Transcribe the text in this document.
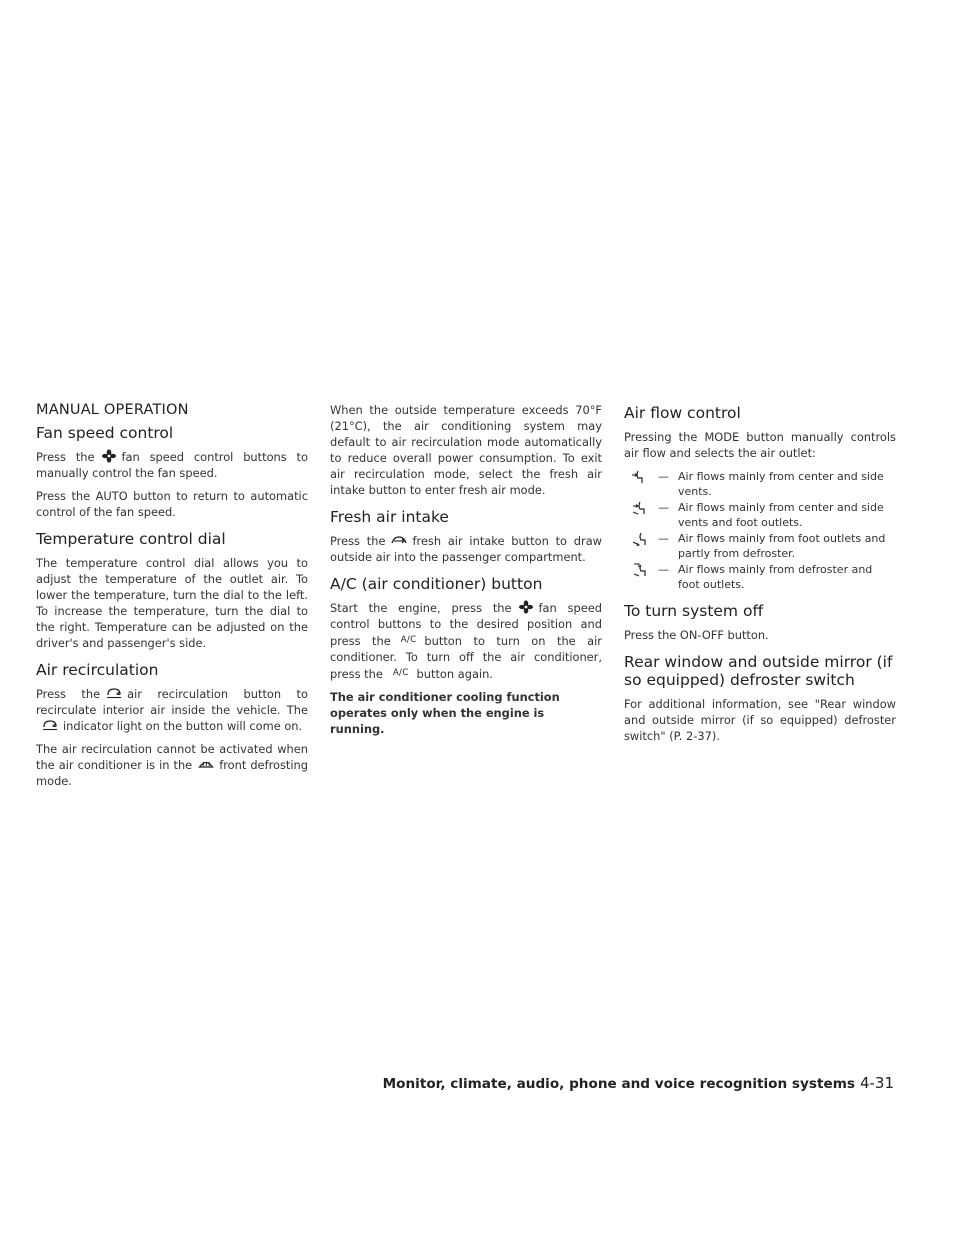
MANUAL OPERATION
Fan speed control

Press the fan speed control buttons to manually control the fan speed.

Press the AUTO button to return to automatic control of the fan speed.

Temperature control dial

The temperature control dial allows you to adjust the temperature of the outlet air. To lower the temperature, turn the dial to the left. To increase the temperature, turn the dial to the right. Temperature can be adjusted on the driver's and passenger's side.

Air recirculation

Press the air recirculation button to recirculate interior air inside the vehicle. The
indicator light on the button will come on.

The air recirculation cannot be activated when the air conditioner is in the front defrosting mode.

When the outside temperature exceeds 70°F (21°C), the air conditioning system may default to air recirculation mode automatically to reduce overall power consumption. To exit air recirculation mode, select the fresh air intake button to enter fresh air mode.

Fresh air intake

Press the fresh air intake button to draw outside air into the passenger compartment.

A/C (air conditioner) button

Start the engine, press the fan speed control buttons to the desired position and press the A/C button to turn on the air conditioner. To turn off the air conditioner, press the A/C button again.

The air conditioner cooling function operates only when the engine is running.

Air flow control

Pressing the MODE button manually controls air flow and selects the air outlet:

— Air flows mainly from center and side vents.
— Air flows mainly from center and side vents and foot outlets.
— Air flows mainly from foot outlets and partly from defroster.
— Air flows mainly from defroster and foot outlets.
To turn system off

Press the ON-OFF button.

Rear window and outside mirror (if so equipped) defroster switch

For additional information, see "Rear window and outside mirror (if so equipped) defroster switch" (P. 2-37).

Monitor, climate, audio, phone and voice recognition systems 4-31
